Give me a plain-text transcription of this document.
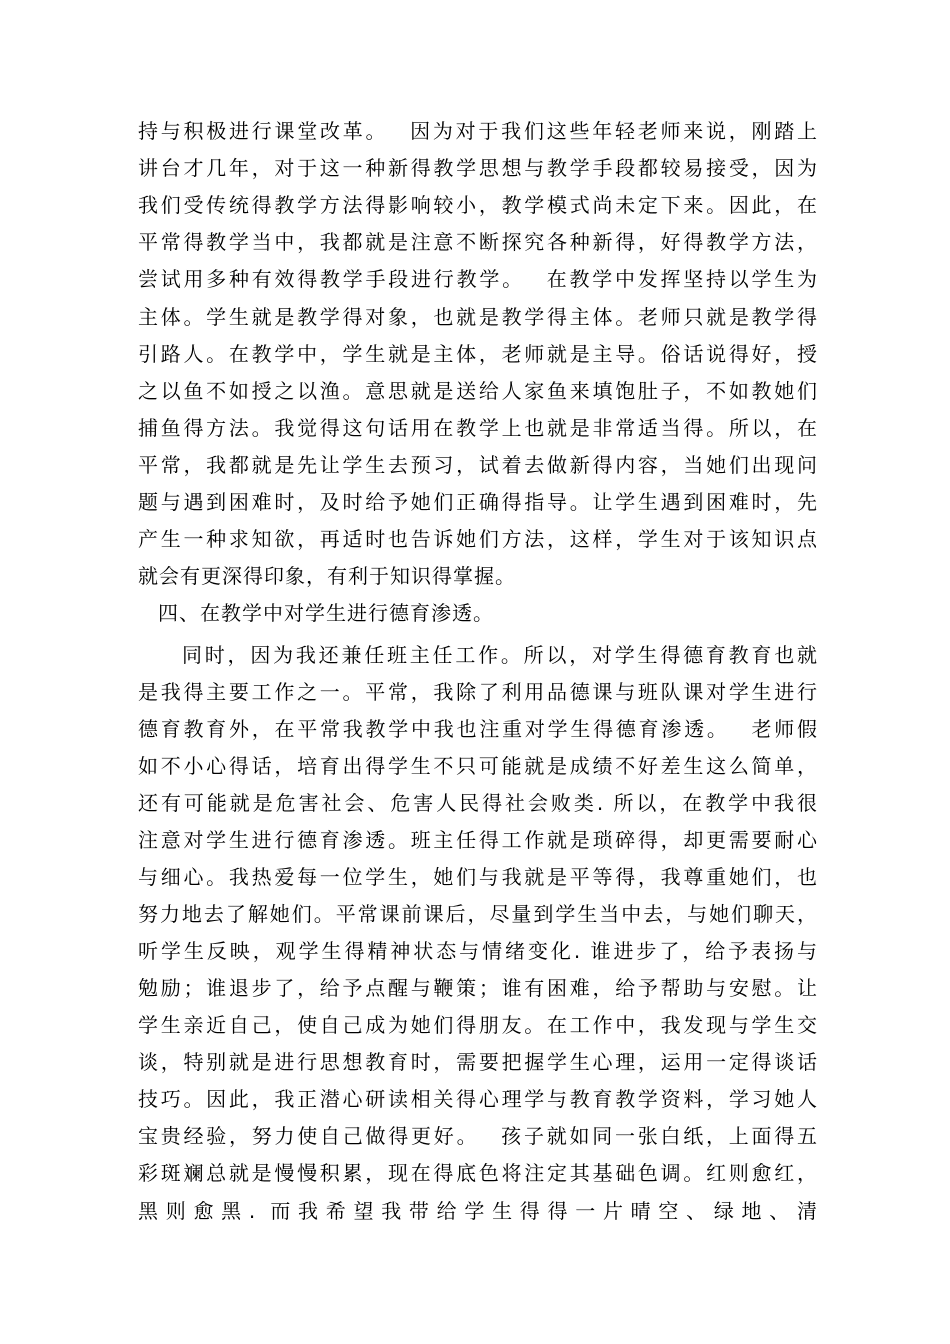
持与积极进行课堂改革。　 因为对于我们这些年轻老师来说，刚踏上
讲台才几年，对于这一种新得教学思想与教学手段都较易接受，因为
我们受传统得教学方法得影响较小，教学模式尚未定下来。因此，在
平常得教学当中，我都就是注意不断探究各种新得，好得教学方法，
尝试用多种有效得教学手段进行教学。　 在教学中发挥坚持以学生为
主体。学生就是教学得对象，也就是教学得主体。老师只就是教学得
引路人。在教学中，学生就是主体，老师就是主导。俗话说得好，授
之以鱼不如授之以渔。意思就是送给人家鱼来填饱肚子，不如教她们
捕鱼得方法。我觉得这句话用在教学上也就是非常适当得。所以，在
平常，我都就是先让学生去预习，试着去做新得内容，当她们出现问
题与遇到困难时，及时给予她们正确得指导。让学生遇到困难时，先
产生一种求知欲，再适时也告诉她们方法，这样，学生对于该知识点
就会有更深得印象，有利于知识得掌握。
四、在教学中对学生进行德育渗透。
同时，因为我还兼任班主任工作。所以，对学生得德育教育也就
是我得主要工作之一。平常，我除了利用品德课与班队课对学生进行
德育教育外，在平常我教学中我也注重对学生得德育渗透。　 老师假
如不小心得话，培育出得学生不只可能就是成绩不好差生这么简单，
还有可能就是危害社会、危害人民得社会败类. 所以，在教学中我很
注意对学生进行德育渗透。班主任得工作就是琐碎得，却更需要耐心
与细心。我热爱每一位学生，她们与我就是平等得，我尊重她们，也
努力地去了解她们。平常课前课后，尽量到学生当中去，与她们聊天，
听学生反映，观学生得精神状态与情绪变化. 谁进步了，给予表扬与
勉励；谁退步了，给予点醒与鞭策；谁有困难，给予帮助与安慰。让
学生亲近自己，使自己成为她们得朋友。在工作中，我发现与学生交
谈，特别就是进行思想教育时，需要把握学生心理，运用一定得谈话
技巧。因此，我正潜心研读相关得心理学与教育教学资料，学习她人
宝贵经验，努力使自己做得更好。　 孩子就如同一张白纸，上面得五
彩斑斓总就是慢慢积累，现在得底色将注定其基础色调。红则愈红，
黑则愈黑. 而我希望我带给学生得得一片晴空、绿地、清
